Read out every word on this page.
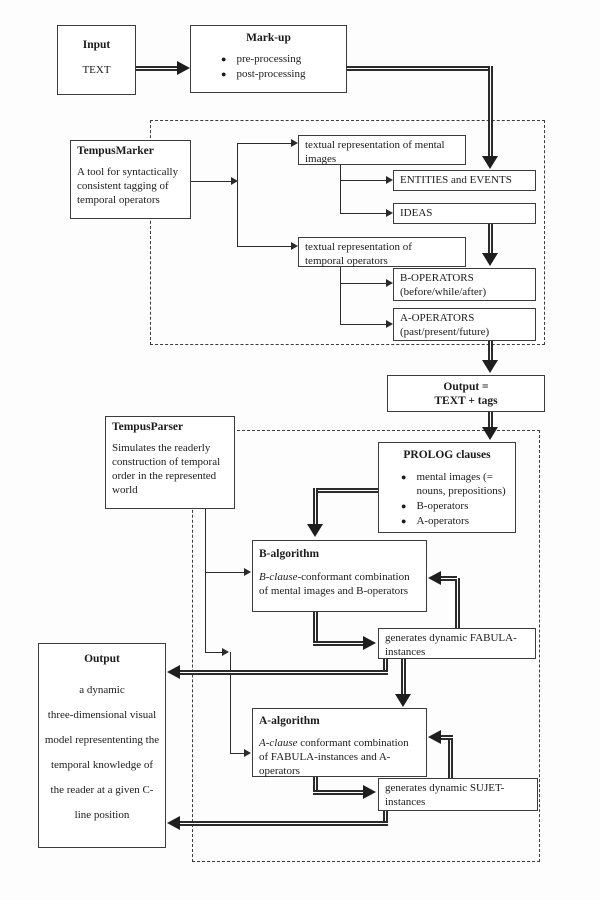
Input
TEXT
Mark-up
● pre-processing
● post-processing
TempusMarker
A tool for syntactically consistent tagging of temporal operators
textual representation of mental images
ENTITIES and EVENTS
IDEAS
textual representation of temporal operators
B-OPERATORS
(before/while/after)
A-OPERATORS
(past/present/future)
Output =
TEXT + tags
PROLOG clauses
● mental images (= nouns, prepositions)
● B-operators
● A-operators
TempusParser
Simulates the readerly construction of temporal order in the represented world
B-algorithm
B-clause-conformant combination of mental images and B-operators
generates dynamic FABULA-instances
A-algorithm
A-clause conformant combination of FABULA-instances and A-operators
generates dynamic SUJET-instances
Output
a dynamic
three-dimensional visual
model represententing the
temporal knowledge of
the reader at a given C-
line position
